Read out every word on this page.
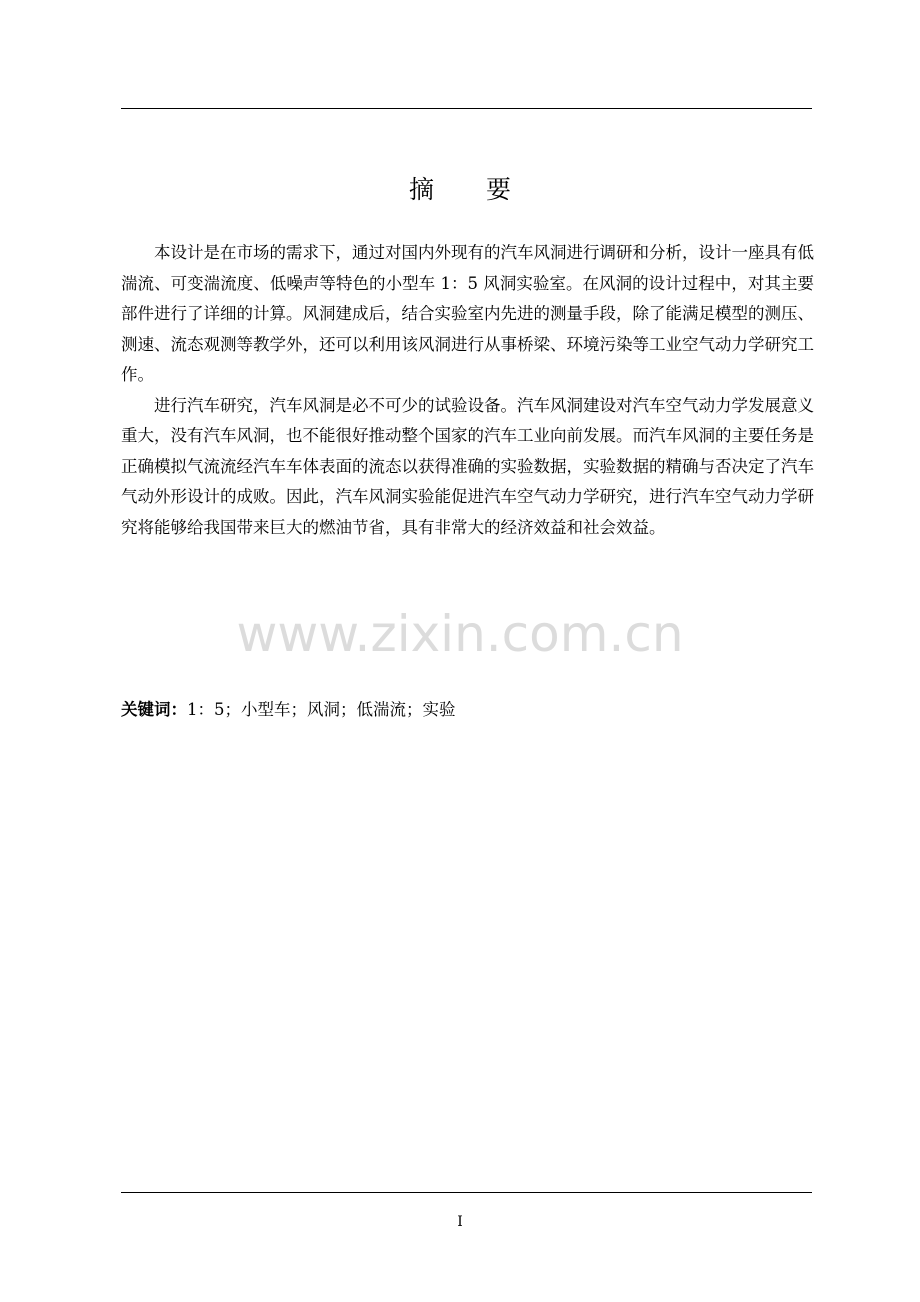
摘 要

本设计是在市场的需求下，通过对国内外现有的汽车风洞进行调研和分析，设计一座具有低湍流、可变湍流度、低噪声等特色的小型车 1：5 风洞实验室。在风洞的设计过程中，对其主要部件进行了详细的计算。风洞建成后，结合实验室内先进的测量手段，除了能满足模型的测压、测速、流态观测等教学外，还可以利用该风洞进行从事桥梁、环境污染等工业空气动力学研究工作。

进行汽车研究，汽车风洞是必不可少的试验设备。汽车风洞建设对汽车空气动力学发展意义重大，没有汽车风洞，也不能很好推动整个国家的汽车工业向前发展。而汽车风洞的主要任务是正确模拟气流流经汽车车体表面的流态以获得准确的实验数据，实验数据的精确与否决定了汽车气动外形设计的成败。因此，汽车风洞实验能促进汽车空气动力学研究，进行汽车空气动力学研究将能够给我国带来巨大的燃油节省，具有非常大的经济效益和社会效益。

www.zixin.com.cn
关键词：1：5；小型车；风洞；低湍流；实验
I
